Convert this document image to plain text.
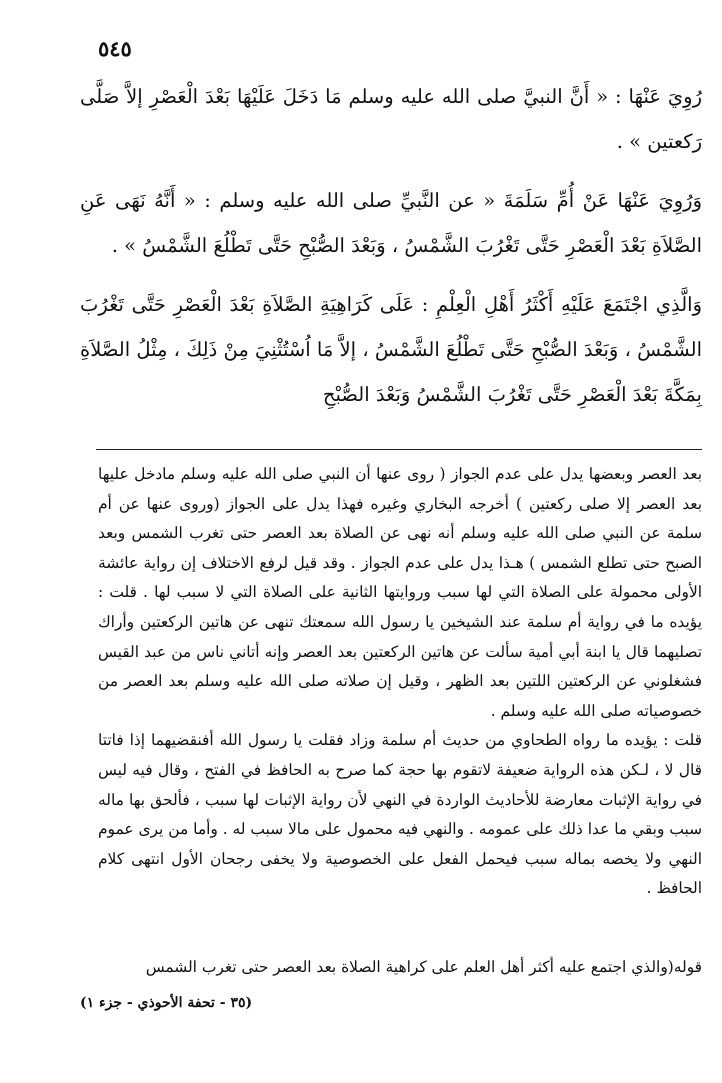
٥٤٥

رُوِيَ عَنْهَا : « أَنَّ النبيَّ صلى الله عليه وسلم مَا دَخَلَ عَلَيْهَا بَعْدَ الْعَصْرِ إلاَّ صَلَّى رَكعتين » .

وَرُوِيَ عَنْهَا عَنْ أُمِّ سَلَمَةَ « عن النَّبيِّ صلى الله عليه وسلم : « أَنَّهُ نَهَى عَنِ الصَّلاَةِ بَعْدَ الْعَصْرِ حَتَّى تَغْرُبَ الشَّمْسُ ، وَبَعْدَ الصُّبْحِ حَتَّى تَطْلُعَ الشَّمْسُ » .

وَالَّذِي اجْتَمَعَ عَلَيْهِ أَكْثَرُ أَهْلِ الْعِلْمِ : عَلَى كَرَاهِيَةِ الصَّلاَةِ بَعْدَ الْعَصْرِ حَتَّى تَغْرُبَ الشَّمْسُ ، وَبَعْدَ الصُّبْحِ حَتَّى تَطْلُعَ الشَّمْسُ ، إلاَّ مَا اُسْتُثْنِيَ مِنْ ذَلِكَ ، مِثْلُ الصَّلاَةِ بِمَكَّةَ بَعْدَ الْعَصْرِ حَتَّى تَغْرُبَ الشَّمْسُ وَبَعْدَ الصُّبْحِ

بعد العصر وبعضها يدل على عدم الجواز ( روى عنها أن النبي صلى الله عليه وسلم مادخل عليها بعد العصر إلا صلى ركعتين ) أخرجه البخاري وغيره فهذا يدل على الجواز (وروى عنها عن أم سلمة عن النبي صلى الله عليه وسلم أنه نهى عن الصلاة بعد العصر حتى تغرب الشمس وبعد الصبح حتى تطلع الشمس ) هـذا يدل على عدم الجواز . وقد قيل لرفع الاختلاف إن رواية عائشة الأولى محمولة على الصلاة التي لها سبب وروايتها الثانية على الصلاة التي لا سبب لها . قلت : يؤيده ما في رواية أم سلمة عند الشيخين يا رسول الله سمعتك تنهى عن هاتين الركعتين وأراك تصليهما قال يا ابنة أبي أمية سألت عن هاتين الركعتين بعد العصر وإنه أتاني ناس من عبد القيس فشغلوني عن الركعتين اللتين بعد الظهر ، وقيل إن صلاته صلى الله عليه وسلم بعد العصر من خصوصياته صلى الله عليه وسلم .

قلت : يؤيده ما رواه الطحاوي من حديث أم سلمة وزاد فقلت يا رسول الله أفنقضيهما إذا فاتتا قال لا ، لـكن هذه الرواية ضعيفة لاتقوم بها حجة كما صرح به الحافظ في الفتح ، وقال فيه ليس في رواية الإثبات معارضة للأحاديث الواردة في النهي لأن رواية الإثبات لها سبب ، فألحق بها ماله سبب وبقي ما عدا ذلك على عمومه . والنهي فيه محمول على مالا سبب له . وأما من يرى عموم النهي ولا يخصه بماله سبب فيحمل الفعل على الخصوصية ولا يخفى رجحان الأول انتهى كلام الحافظ .

قوله(والذي اجتمع عليه أكثر أهل العلم على كراهية الصلاة بعد العصر حتى تغرب الشمس

(٣٥ - تحفة الأحوذي - جزء ١)
